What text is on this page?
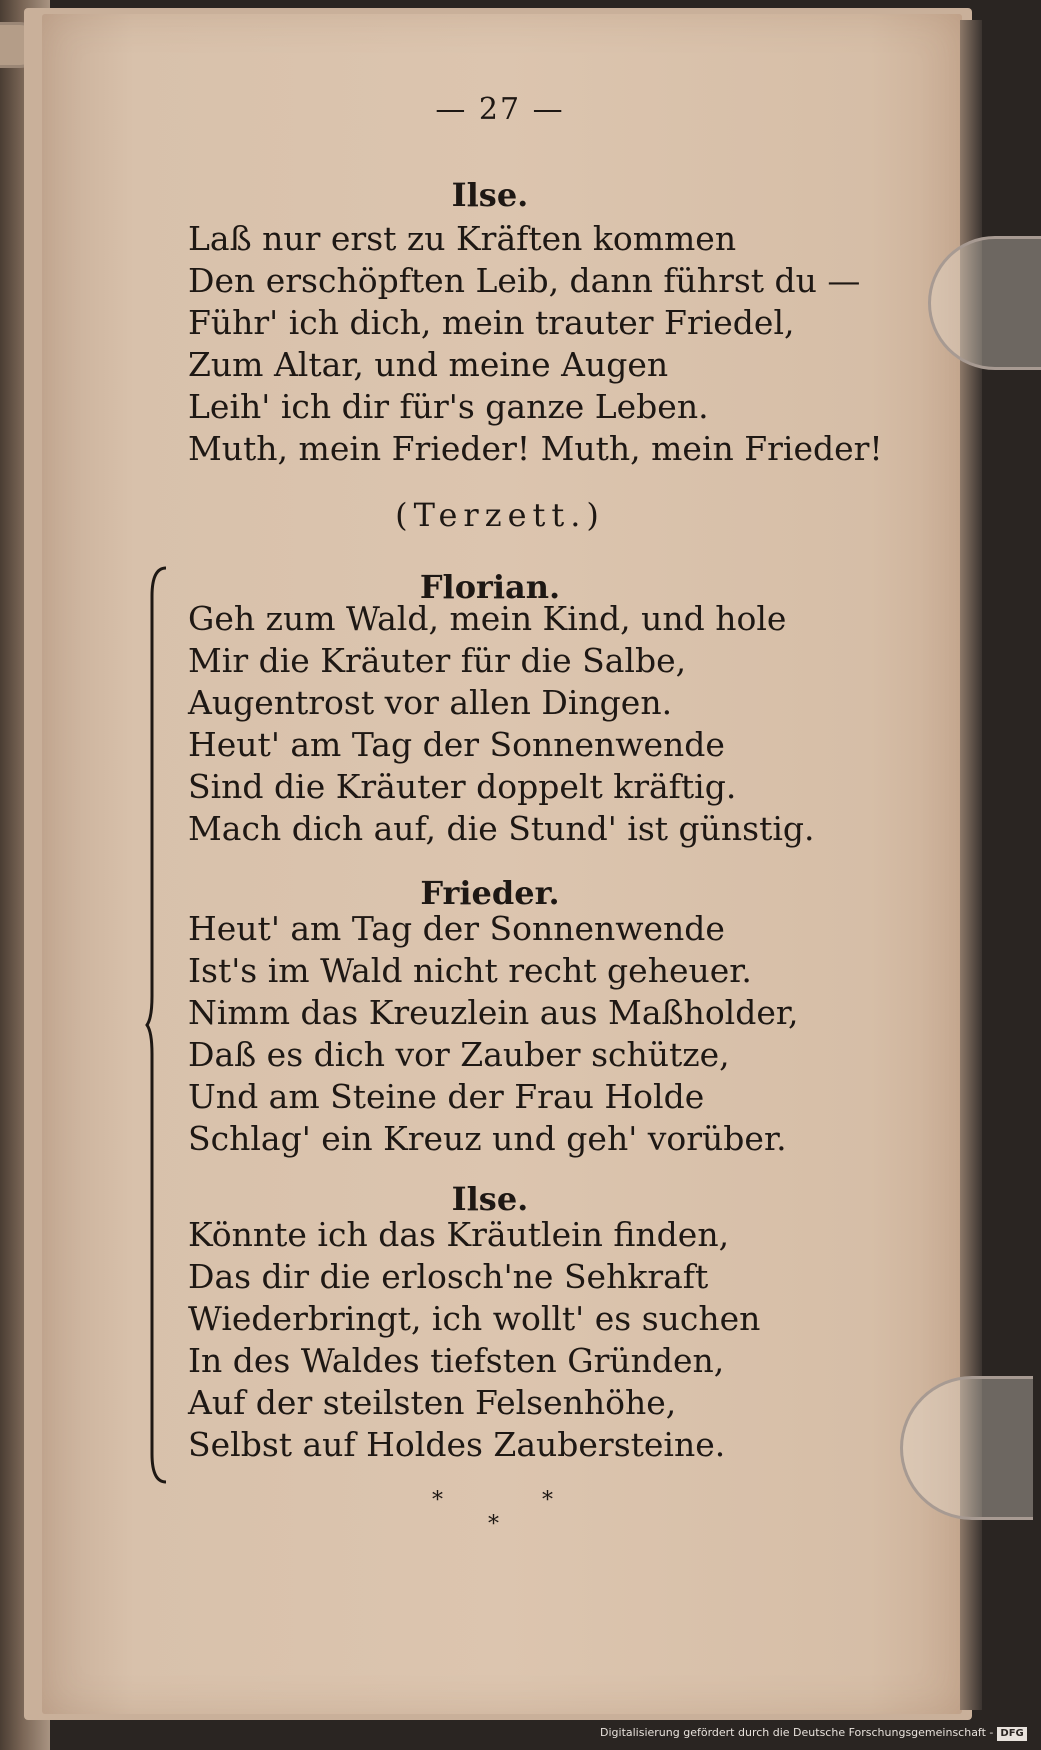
— 27 —
Ilse.
Laß nur erst zu Kräften kommen
Den erschöpften Leib, dann führst du —
Führ' ich dich, mein trauter Friedel,
Zum Altar, und meine Augen
Leih' ich dir für's ganze Leben.
Muth, mein Frieder! Muth, mein Frieder!
(Terzett.)
Florian.
Geh zum Wald, mein Kind, und hole
Mir die Kräuter für die Salbe,
Augentrost vor allen Dingen.
Heut' am Tag der Sonnenwende
Sind die Kräuter doppelt kräftig.
Mach dich auf, die Stund' ist günstig.
Frieder.
Heut' am Tag der Sonnenwende
Ist's im Wald nicht recht geheuer.
Nimm das Kreuzlein aus Maßholder,
Daß es dich vor Zauber schütze,
Und am Steine der Frau Holde
Schlag' ein Kreuz und geh' vorüber.
Ilse.
Könnte ich das Kräutlein finden,
Das dir die erlosch'ne Sehkraft
Wiederbringt, ich wollt' es suchen
In des Waldes tiefsten Gründen,
Auf der steilsten Felsenhöhe,
Selbst auf Holdes Zaubersteine.
*	*
*
Digitalisierung gefördert durch die Deutsche Forschungsgemeinschaft - DFG
